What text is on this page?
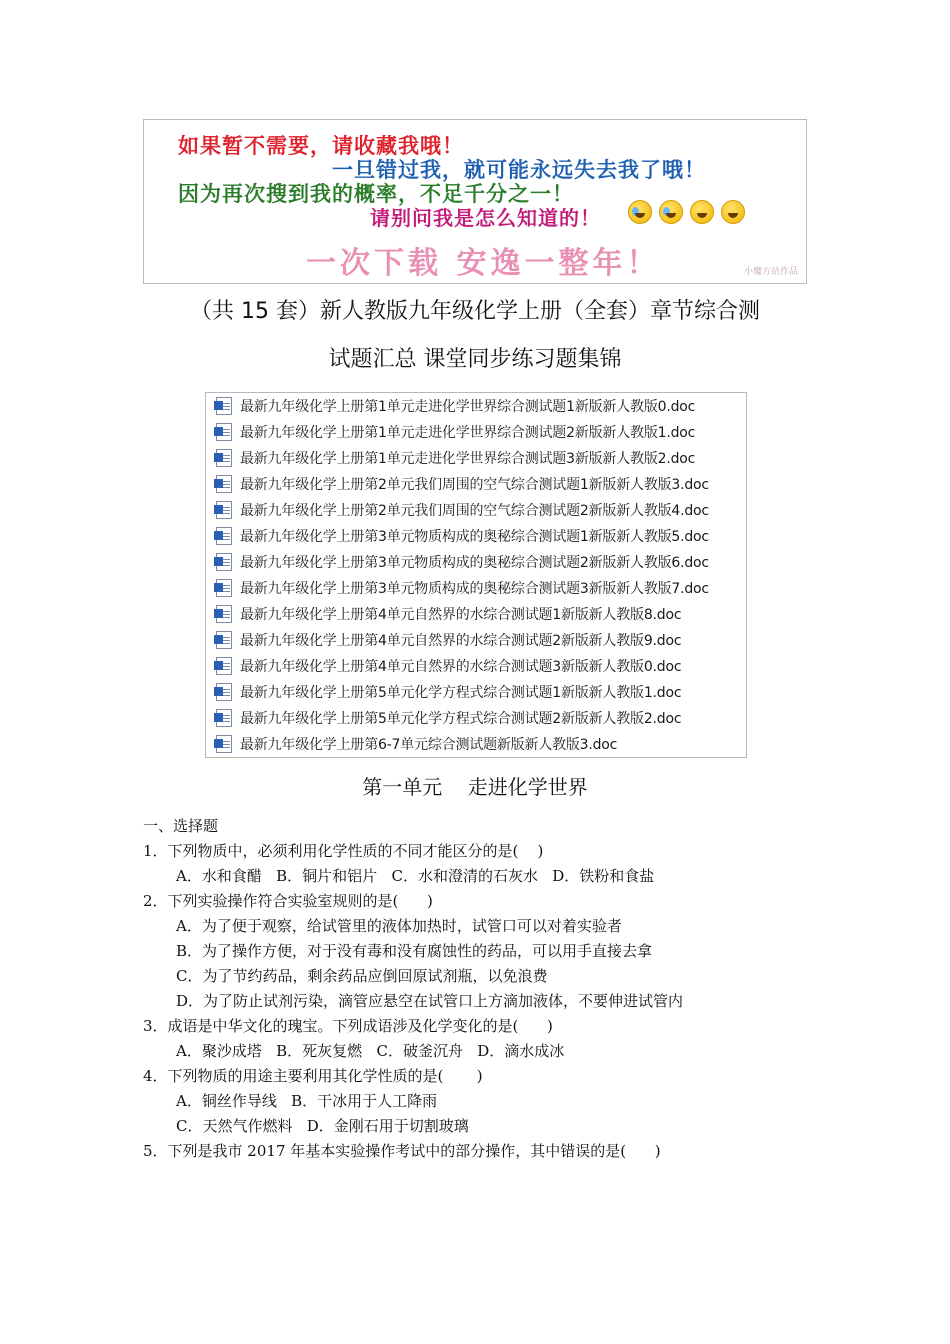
如果暂不需要，请收藏我哦！
一旦错过我，就可能永远失去我了哦！
因为再次搜到我的概率，不足千分之一！
请别问我是怎么知道的！
一次下载 安逸一整年！	小魔方站作品
（共 15 套）新人教版九年级化学上册（全套）章节综合测
试题汇总 课堂同步练习题集锦
最新九年级化学上册第1单元走进化学世界综合测试题1新版新人教版0.doc
最新九年级化学上册第1单元走进化学世界综合测试题2新版新人教版1.doc
最新九年级化学上册第1单元走进化学世界综合测试题3新版新人教版2.doc
最新九年级化学上册第2单元我们周围的空气综合测试题1新版新人教版3.doc
最新九年级化学上册第2单元我们周围的空气综合测试题2新版新人教版4.doc
最新九年级化学上册第3单元物质构成的奥秘综合测试题1新版新人教版5.doc
最新九年级化学上册第3单元物质构成的奥秘综合测试题2新版新人教版6.doc
最新九年级化学上册第3单元物质构成的奥秘综合测试题3新版新人教版7.doc
最新九年级化学上册第4单元自然界的水综合测试题1新版新人教版8.doc
最新九年级化学上册第4单元自然界的水综合测试题2新版新人教版9.doc
最新九年级化学上册第4单元自然界的水综合测试题3新版新人教版0.doc
最新九年级化学上册第5单元化学方程式综合测试题1新版新人教版1.doc
最新九年级化学上册第5单元化学方程式综合测试题2新版新人教版2.doc
最新九年级化学上册第6-7单元综合测试题新版新人教版3.doc
第一单元    走进化学世界
一、选择题
1．下列物质中，必须利用化学性质的不同才能区分的是(    )
A．水和食醋   B．铜片和铝片   C．水和澄清的石灰水   D．铁粉和食盐
2．下列实验操作符合实验室规则的是(      )
A．为了便于观察，给试管里的液体加热时，试管口可以对着实验者
B．为了操作方便，对于没有毒和没有腐蚀性的药品，可以用手直接去拿
C．为了节约药品，剩余药品应倒回原试剂瓶，以免浪费
D．为了防止试剂污染，滴管应悬空在试管口上方滴加液体，不要伸进试管内
3．成语是中华文化的瑰宝。下列成语涉及化学变化的是(      )
A．聚沙成塔   B．死灰复燃   C．破釜沉舟   D．滴水成冰
4．下列物质的用途主要利用其化学性质的是(       )
A．铜丝作导线   B．干冰用于人工降雨
C．天然气作燃料   D．金刚石用于切割玻璃
5．下列是我市 2017 年基本实验操作考试中的部分操作，其中错误的是(      )
